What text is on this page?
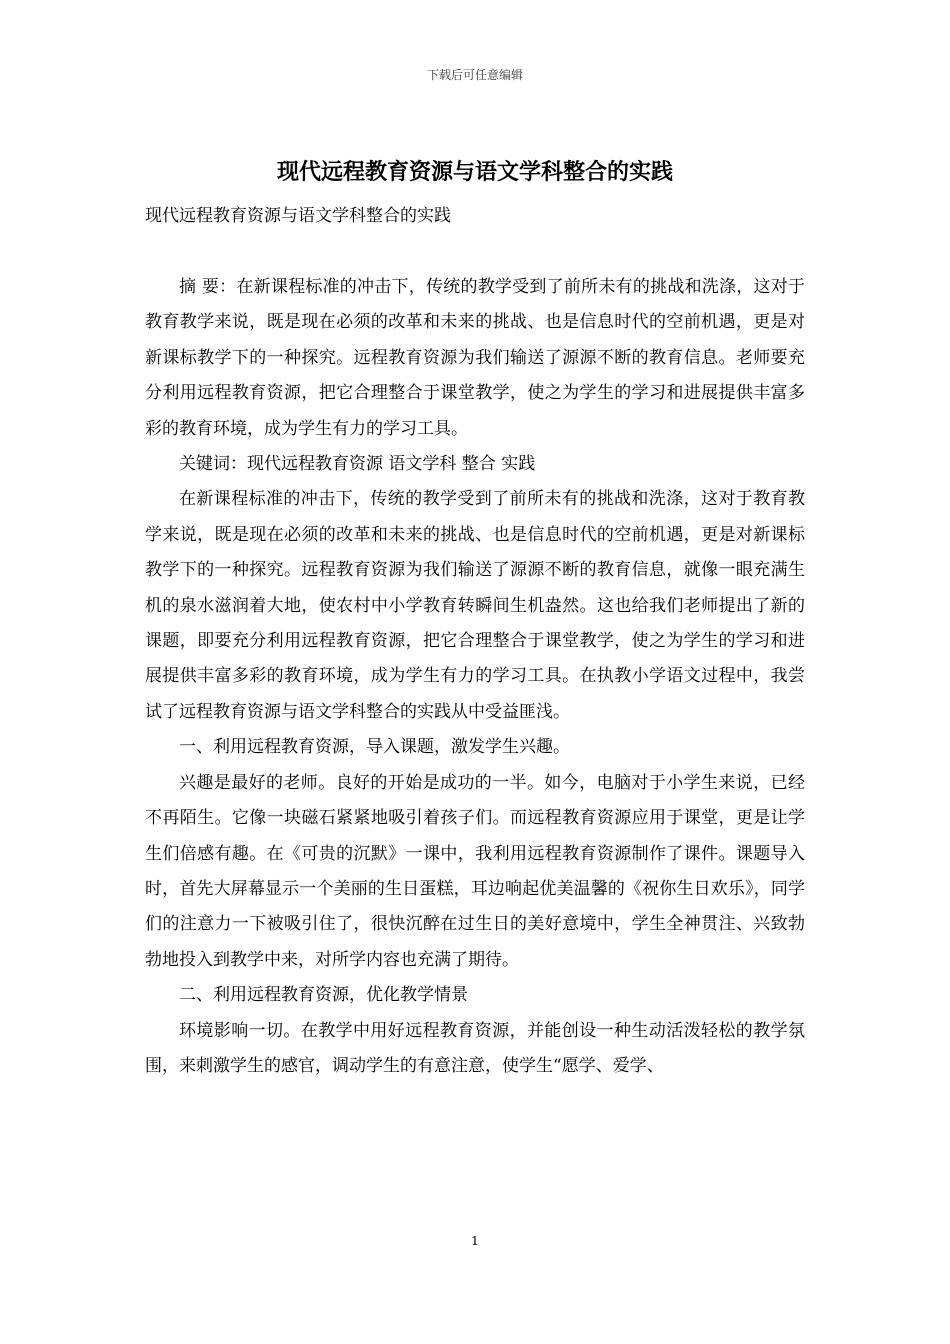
下载后可任意编辑
现代远程教育资源与语文学科整合的实践
现代远程教育资源与语文学科整合的实践

摘 要：在新课程标准的冲击下，传统的教学受到了前所未有的挑战和洗涤，这对于教育教学来说，既是现在必须的改革和未来的挑战、也是信息时代的空前机遇，更是对新课标教学下的一种探究。远程教育资源为我们输送了源源不断的教育信息。老师要充分利用远程教育资源，把它合理整合于课堂教学，使之为学生的学习和进展提供丰富多彩的教育环境，成为学生有力的学习工具。

关键词：现代远程教育资源 语文学科 整合 实践

在新课程标准的冲击下，传统的教学受到了前所未有的挑战和洗涤，这对于教育教学来说，既是现在必须的改革和未来的挑战、也是信息时代的空前机遇，更是对新课标教学下的一种探究。远程教育资源为我们输送了源源不断的教育信息，就像一眼充满生机的泉水滋润着大地，使农村中小学教育转瞬间生机盎然。这也给我们老师提出了新的课题，即要充分利用远程教育资源，把它合理整合于课堂教学，使之为学生的学习和进展提供丰富多彩的教育环境，成为学生有力的学习工具。在执教小学语文过程中，我尝试了远程教育资源与语文学科整合的实践从中受益匪浅。

一、利用远程教育资源，导入课题，激发学生兴趣。

兴趣是最好的老师。良好的开始是成功的一半。如今，电脑对于小学生来说，已经不再陌生。它像一块磁石紧紧地吸引着孩子们。而远程教育资源应用于课堂，更是让学生们倍感有趣。在《可贵的沉默》一课中，我利用远程教育资源制作了课件。课题导入时，首先大屏幕显示一个美丽的生日蛋糕，耳边响起优美温馨的《祝你生日欢乐》，同学们的注意力一下被吸引住了，很快沉醉在过生日的美好意境中，学生全神贯注、兴致勃勃地投入到教学中来，对所学内容也充满了期待。

二、利用远程教育资源，优化教学情景

环境影响一切。在教学中用好远程教育资源，并能创设一种生动活泼轻松的教学氛围，来刺激学生的感官，调动学生的有意注意，使学生“愿学、爱学、

1
